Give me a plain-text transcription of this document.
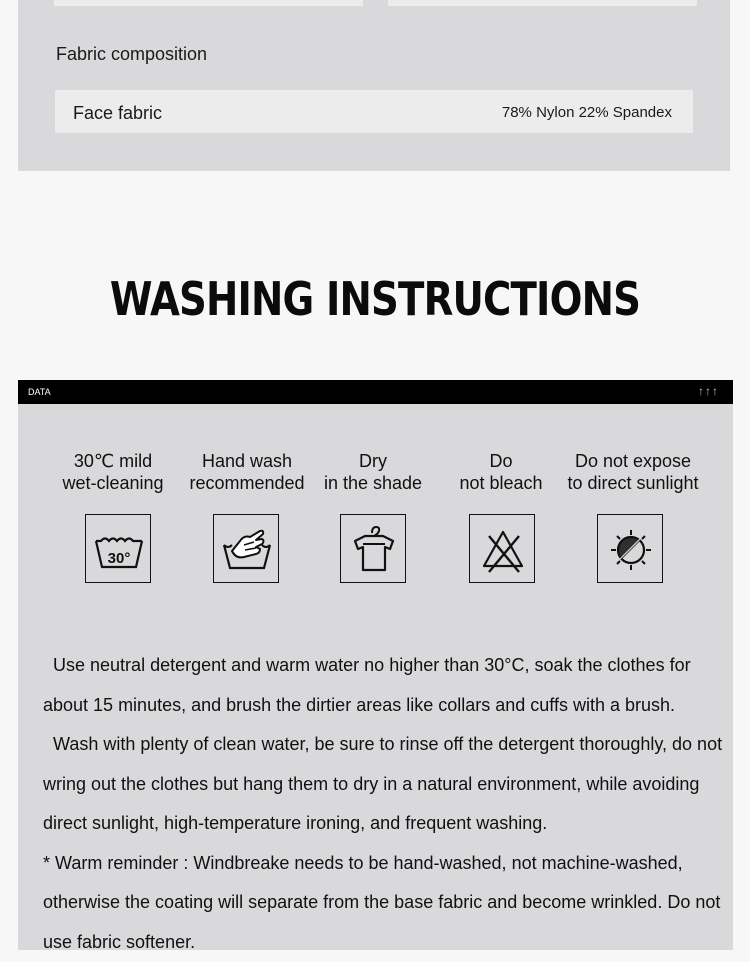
Fabric composition
Face fabric	78% Nylon 22% Spandex
WASHING INSTRUCTIONS
DATA	↑↑↑
30℃ mild
wet-cleaning
Hand wash
recommended
Dry
in the shade
Do
not bleach
Do not expose
to direct sunlight
30°

Use neutral detergent and warm water no higher than 30°C, soak the clothes for about 15 minutes, and brush the dirtier areas like collars and cuffs with a brush.

Wash with plenty of clean water, be sure to rinse off the detergent thoroughly, do not wring out the clothes but hang them to dry in a natural environment, while avoiding direct sunlight, high-temperature ironing, and frequent washing.

* Warm reminder : Windbreake needs to be hand-washed, not machine-washed, otherwise the coating will separate from the base fabric and become wrinkled. Do not use fabric softener.
